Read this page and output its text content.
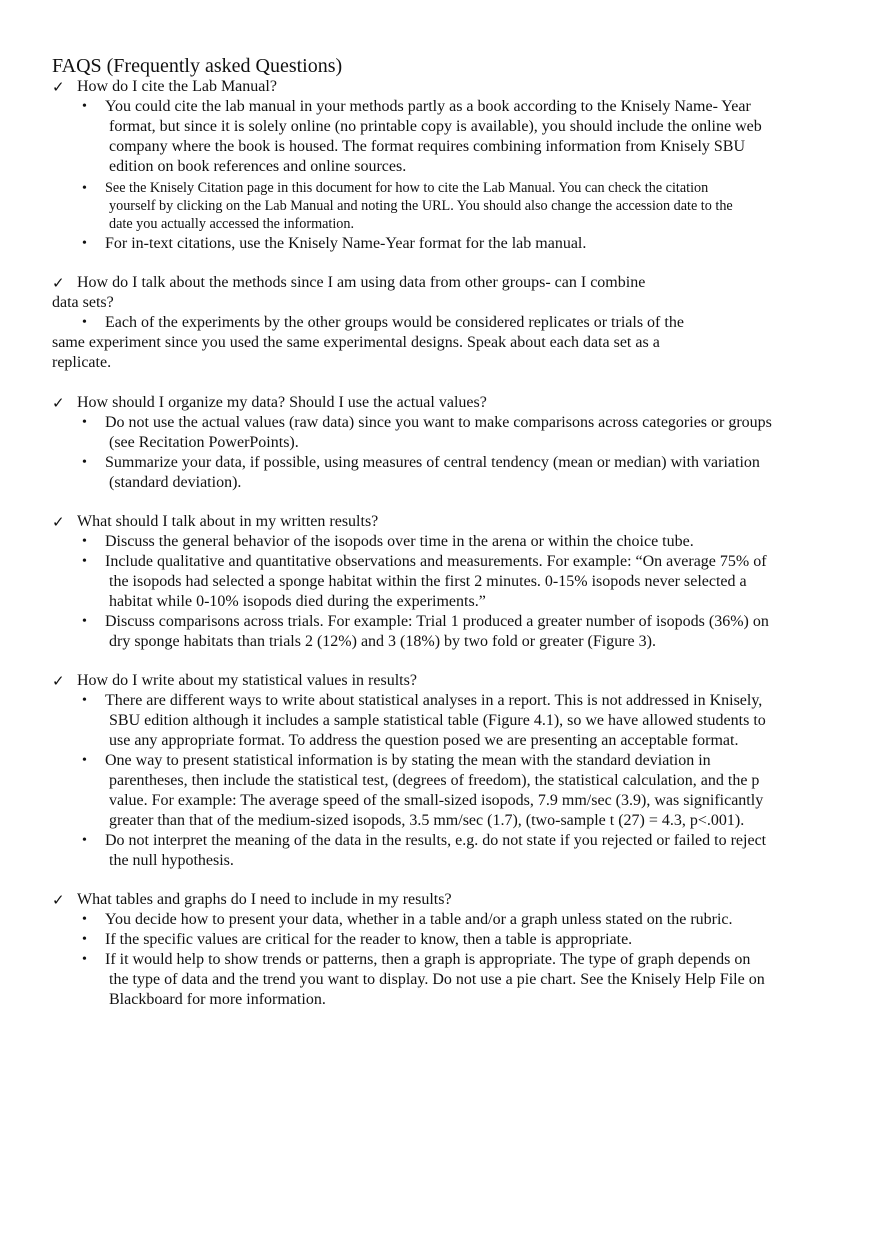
FAQS (Frequently asked Questions)
✓ How do I cite the Lab Manual?
• You could cite the lab manual in your methods partly as a book according to the Knisely Name- Year
format, but since it is solely online (no printable copy is available), you should include the online web
company where the book is housed. The format requires combining information from Knisely SBU
edition on book references and online sources.
• See the Knisely Citation page in this document for how to cite the Lab Manual. You can check the citation
yourself by clicking on the Lab Manual and noting the URL. You should also change the accession date to the
date you actually accessed the information.
• For in-text citations, use the Knisely Name-Year format for the lab manual.
✓ How do I talk about the methods since I am using data from other groups- can I combine
data sets?
• Each of the experiments by the other groups would be considered replicates or trials of the
same experiment since you used the same experimental designs. Speak about each data set as a
replicate.
✓ How should I organize my data? Should I use the actual values?
• Do not use the actual values (raw data) since you want to make comparisons across categories or groups
(see Recitation PowerPoints).
• Summarize your data, if possible, using measures of central tendency (mean or median) with variation
(standard deviation).
✓ What should I talk about in my written results?
• Discuss the general behavior of the isopods over time in the arena or within the choice tube.
• Include qualitative and quantitative observations and measurements. For example: “On average 75% of
the isopods had selected a sponge habitat within the first 2 minutes. 0-15% isopods never selected a
habitat while 0-10% isopods died during the experiments.”
• Discuss comparisons across trials. For example: Trial 1 produced a greater number of isopods (36%) on
dry sponge habitats than trials 2 (12%) and 3 (18%) by two fold or greater (Figure 3).
✓ How do I write about my statistical values in results?
• There are different ways to write about statistical analyses in a report. This is not addressed in Knisely,
SBU edition although it includes a sample statistical table (Figure 4.1), so we have allowed students to
use any appropriate format. To address the question posed we are presenting an acceptable format.
• One way to present statistical information is by stating the mean with the standard deviation in
parentheses, then include the statistical test, (degrees of freedom), the statistical calculation, and the p
value. For example: The average speed of the small-sized isopods, 7.9 mm/sec (3.9), was significantly
greater than that of the medium-sized isopods, 3.5 mm/sec (1.7), (two-sample t (27) = 4.3, p<.001).
• Do not interpret the meaning of the data in the results, e.g. do not state if you rejected or failed to reject
the null hypothesis.
✓ What tables and graphs do I need to include in my results?
• You decide how to present your data, whether in a table and/or a graph unless stated on the rubric.
• If the specific values are critical for the reader to know, then a table is appropriate.
• If it would help to show trends or patterns, then a graph is appropriate. The type of graph depends on
the type of data and the trend you want to display. Do not use a pie chart. See the Knisely Help File on
Blackboard for more information.
